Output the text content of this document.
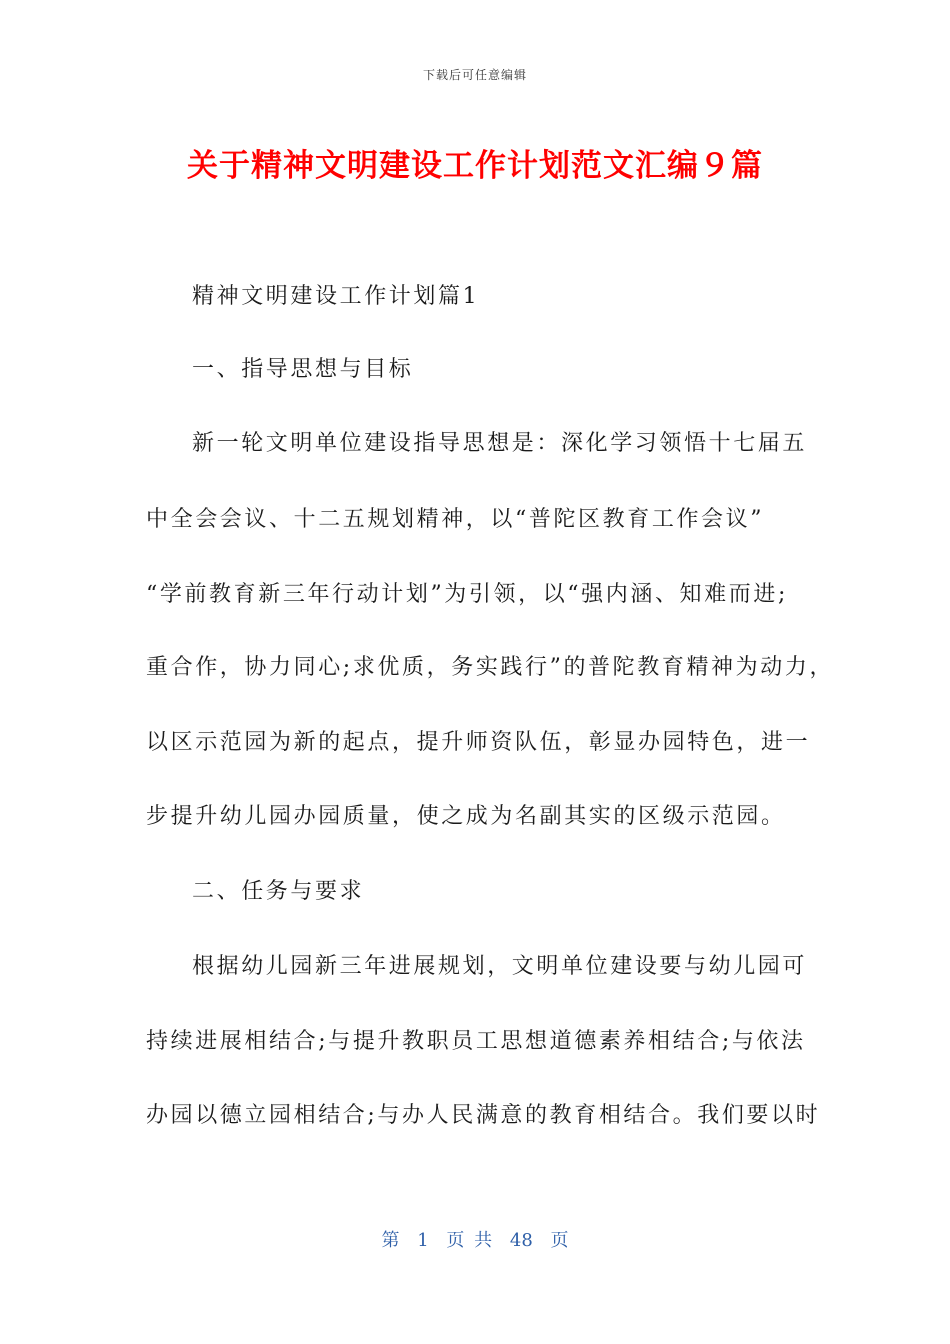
下载后可任意编辑
关于精神文明建设工作计划范文汇编９篇
精神文明建设工作计划篇1
一、指导思想与目标
新一轮文明单位建设指导思想是：深化学习领悟十七届五
中全会会议、十二五规划精神，以“普陀区教育工作会议”
“学前教育新三年行动计划”为引领，以“强内涵、知难而进;
重合作，协力同心;求优质，务实践行”的普陀教育精神为动力，
以区示范园为新的起点，提升师资队伍，彰显办园特色，进一
步提升幼儿园办园质量，使之成为名副其实的区级示范园。
二、任务与要求
根据幼儿园新三年进展规划，文明单位建设要与幼儿园可
持续进展相结合;与提升教职员工思想道德素养相结合;与依法
办园以德立园相结合;与办人民满意的教育相结合。我们要以时
第 1 页 共 48 页
